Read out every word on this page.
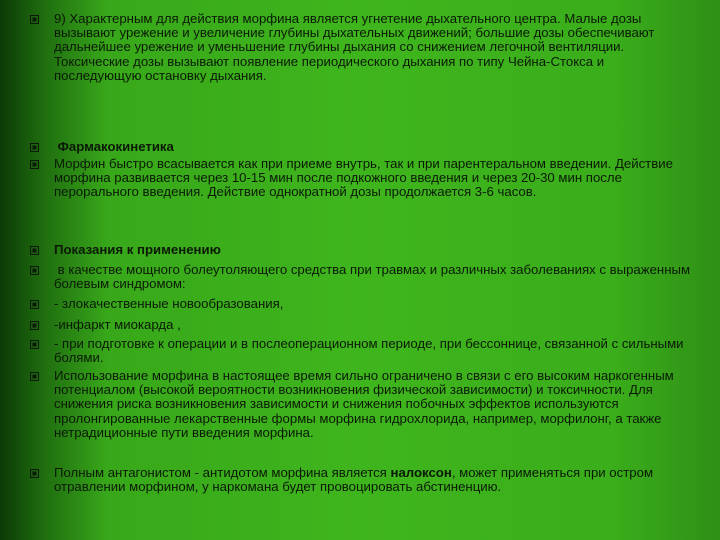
9) Характерным для действия морфина является угнетение дыхательного центра. Малые дозы вызывают урежение и увеличение глубины дыхательных движений; большие дозы обеспечивают дальнейшее урежение и уменьшение глубины дыхания со снижением легочной вентиляции. Токсические дозы вызывают появление периодического дыхания по типу Чейна-Стокса и последующую остановку дыхания.
Фармакокинетика
Морфин быстро всасывается как при приеме внутрь, так и при парентеральном введении. Действие морфина развивается через 10-15 мин после подкожного введения и через 20-30 мин после перорального введения. Действие однократной дозы продолжается 3-6 часов.
Показания к применению
в качестве мощного болеутоляющего средства при травмах и различных заболеваниях с выраженным болевым синдромом:
- злокачественные новообразования,
-инфаркт миокарда ,
- при подготовке к операции и в послеоперационном периоде, при бессоннице, связанной с сильными болями.
Использование морфина в настоящее время сильно ограничено в связи с его высоким наркогенным потенциалом (высокой вероятности возникновения физической зависимости) и токсичности. Для снижения риска возникновения зависимости и снижения побочных эффектов используются пролонгированные лекарственные формы морфина гидрохлорида, например, морфилонг, а также нетрадиционные пути введения морфина.
Полным антагонистом - антидотом морфина является налоксон, может применяться при остром отравлении морфином, у наркомана будет провоцировать абстиненцию.
